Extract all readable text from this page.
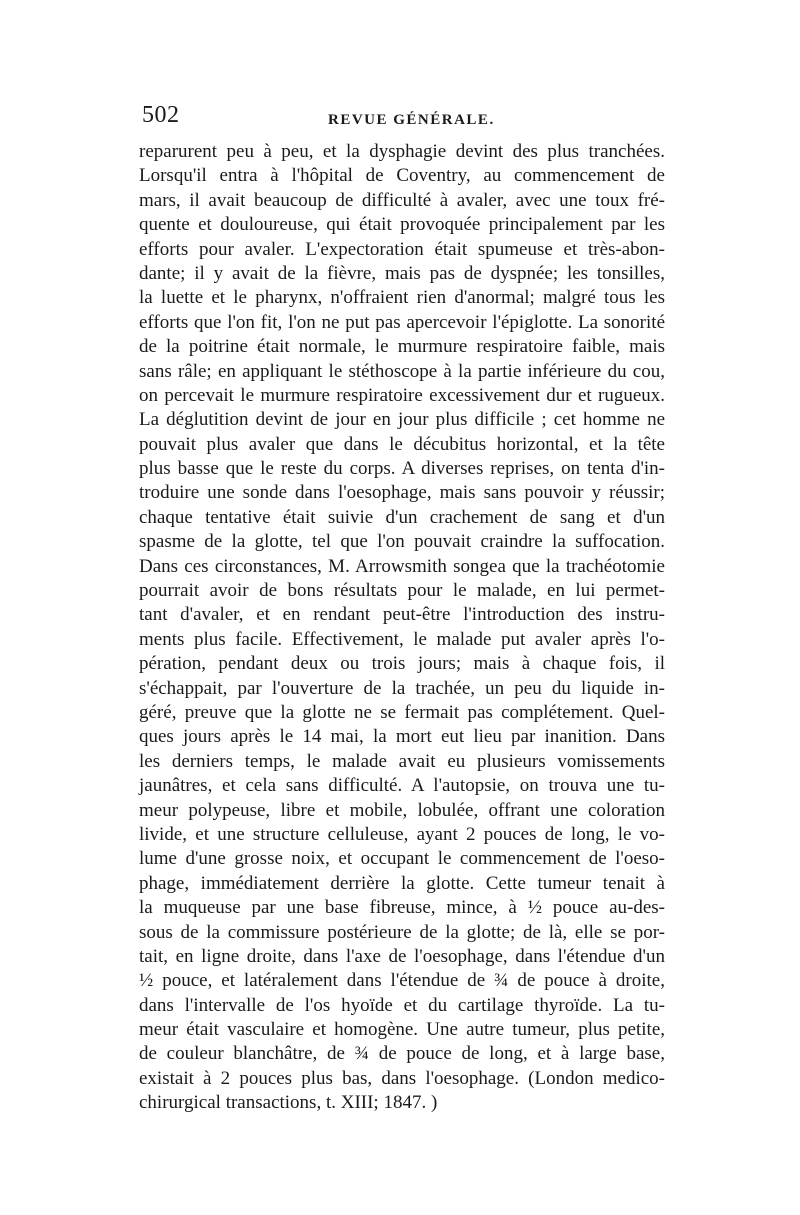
502	REVUE GÉNÉRALE.
reparurent peu à peu, et la dysphagie devint des plus tranchées.
Lorsqu'il entra à l'hôpital de Coventry, au commencement de
mars, il avait beaucoup de difficulté à avaler, avec une toux fré-
quente et douloureuse, qui était provoquée principalement par les
efforts pour avaler. L'expectoration était spumeuse et très-abon-
dante; il y avait de la fièvre, mais pas de dyspnée; les tonsilles,
la luette et le pharynx, n'offraient rien d'anormal; malgré tous les
efforts que l'on fit, l'on ne put pas apercevoir l'épiglotte. La sonorité
de la poitrine était normale, le murmure respiratoire faible, mais
sans râle; en appliquant le stéthoscope à la partie inférieure du cou,
on percevait le murmure respiratoire excessivement dur et rugueux.
La déglutition devint de jour en jour plus difficile ; cet homme ne
pouvait plus avaler que dans le décubitus horizontal, et la tête
plus basse que le reste du corps. A diverses reprises, on tenta d'in-
troduire une sonde dans l'oesophage, mais sans pouvoir y réussir;
chaque tentative était suivie d'un crachement de sang et d'un
spasme de la glotte, tel que l'on pouvait craindre la suffocation.
Dans ces circonstances, M. Arrowsmith songea que la trachéotomie
pourrait avoir de bons résultats pour le malade, en lui permet-
tant d'avaler, et en rendant peut-être l'introduction des instru-
ments plus facile. Effectivement, le malade put avaler après l'o-
pération, pendant deux ou trois jours; mais à chaque fois, il
s'échappait, par l'ouverture de la trachée, un peu du liquide in-
géré, preuve que la glotte ne se fermait pas complétement. Quel-
ques jours après le 14 mai, la mort eut lieu par inanition. Dans
les derniers temps, le malade avait eu plusieurs vomissements
jaunâtres, et cela sans difficulté. A l'autopsie, on trouva une tu-
meur polypeuse, libre et mobile, lobulée, offrant une coloration
livide, et une structure celluleuse, ayant 2 pouces de long, le vo-
lume d'une grosse noix, et occupant le commencement de l'oeso-
phage, immédiatement derrière la glotte. Cette tumeur tenait à
la muqueuse par une base fibreuse, mince, à ½ pouce au-des-
sous de la commissure postérieure de la glotte; de là, elle se por-
tait, en ligne droite, dans l'axe de l'oesophage, dans l'étendue d'un
½ pouce, et latéralement dans l'étendue de ¾ de pouce à droite,
dans l'intervalle de l'os hyoïde et du cartilage thyroïde. La tu-
meur était vasculaire et homogène. Une autre tumeur, plus petite,
de couleur blanchâtre, de ¾ de pouce de long, et à large base,
existait à 2 pouces plus bas, dans l'oesophage. (London medico-
chirurgical transactions, t. XIII; 1847. )
